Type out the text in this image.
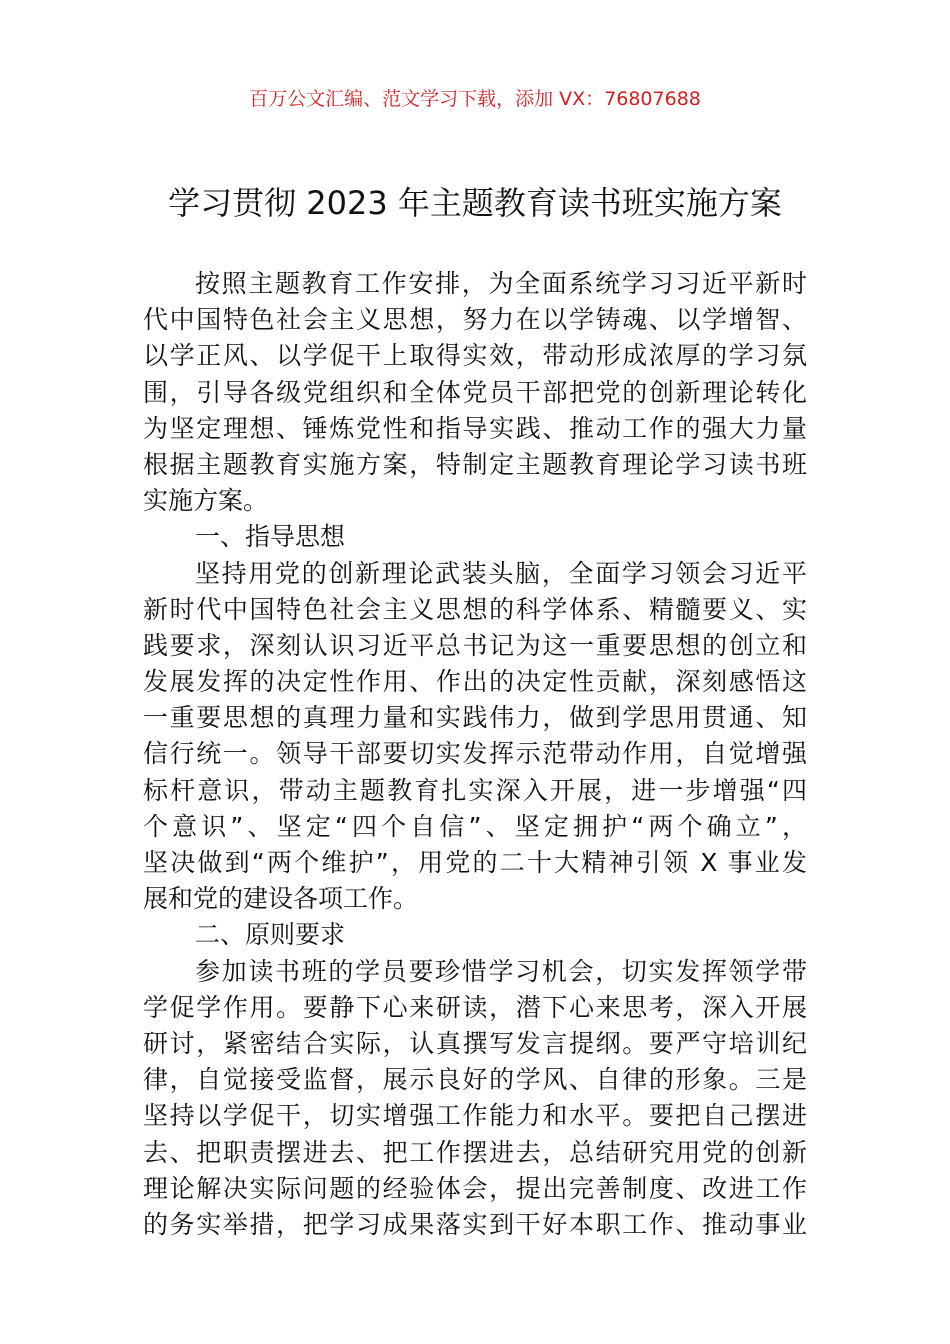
百万公文汇编、范文学习下载，添加 VX：76807688
学习贯彻 2023 年主题教育读书班实施方案
按照主题教育工作安排，为全面系统学习习近平新时
代中国特色社会主义思想，努力在以学铸魂、以学增智、
以学正风、以学促干上取得实效，带动形成浓厚的学习氛
围，引导各级党组织和全体党员干部把党的创新理论转化
为坚定理想、锤炼党性和指导实践、推动工作的强大力量
根据主题教育实施方案，特制定主题教育理论学习读书班
实施方案。
一、指导思想
坚持用党的创新理论武装头脑，全面学习领会习近平
新时代中国特色社会主义思想的科学体系、精髓要义、实
践要求，深刻认识习近平总书记为这一重要思想的创立和
发展发挥的决定性作用、作出的决定性贡献，深刻感悟这
一重要思想的真理力量和实践伟力，做到学思用贯通、知
信行统一。领导干部要切实发挥示范带动作用，自觉增强
标杆意识，带动主题教育扎实深入开展，进一步增强“四
个意识”、坚定“四个自信”、坚定拥护“两个确立”，
坚决做到“两个维护”，用党的二十大精神引领 X 事业发
展和党的建设各项工作。
二、原则要求
参加读书班的学员要珍惜学习机会，切实发挥领学带
学促学作用。要静下心来研读，潜下心来思考，深入开展
研讨，紧密结合实际，认真撰写发言提纲。要严守培训纪
律，自觉接受监督，展示良好的学风、自律的形象。三是
坚持以学促干，切实增强工作能力和水平。要把自己摆进
去、把职责摆进去、把工作摆进去，总结研究用党的创新
理论解决实际问题的经验体会，提出完善制度、改进工作
的务实举措，把学习成果落实到干好本职工作、推动事业
